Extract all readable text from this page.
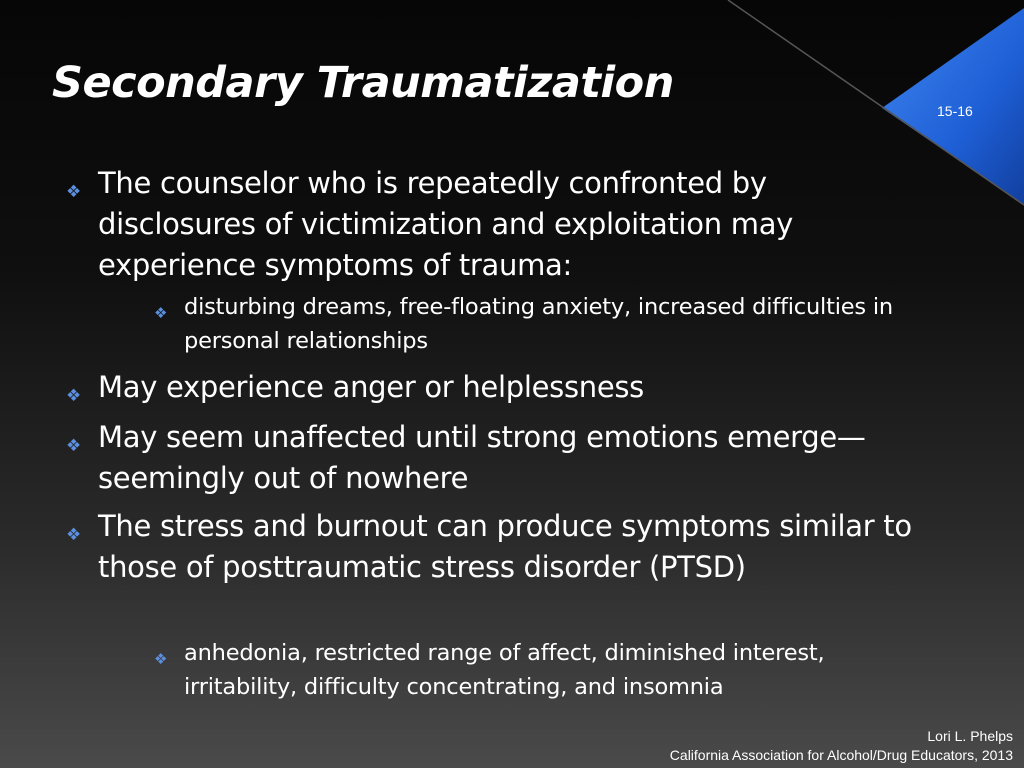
Secondary Traumatization
15-16
❖ The counselor who is repeatedly confronted by disclosures of victimization and exploitation may experience symptoms of trauma:
❖ disturbing dreams, free-floating anxiety, increased difficulties in personal relationships
❖ May experience anger or helplessness
❖ May seem unaffected until strong emotions emerge—seemingly out of nowhere
❖ The stress and burnout can produce symptoms similar to those of posttraumatic stress disorder (PTSD)
❖ anhedonia, restricted range of affect, diminished interest, irritability, difficulty concentrating, and insomnia
Lori L. Phelps
California Association for Alcohol/Drug Educators, 2013
